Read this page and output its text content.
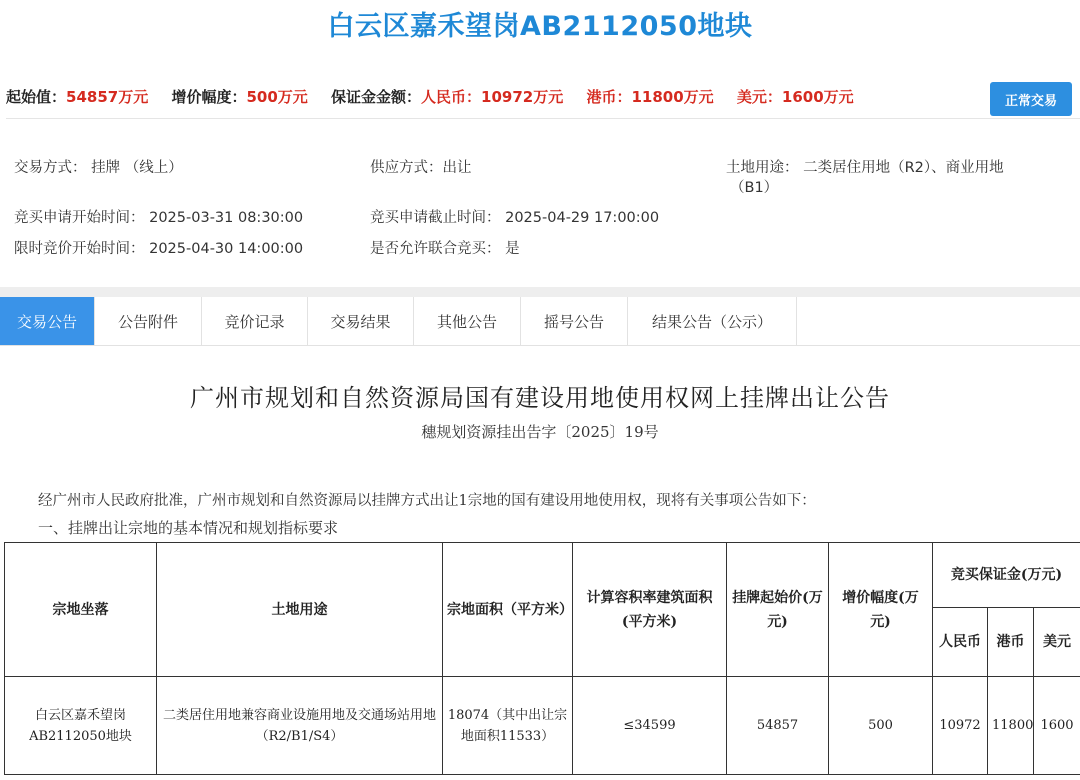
白云区嘉禾望岗AB2112050地块
起始值：54857万元 增价幅度：500万元 保证金金额：人民币：10972万元 港币：11800万元 美元：1600万元	正常交易
交易方式： 挂牌 （线上）	供应方式：出让	土地用途： 二类居住用地（R2）、商业用地
（B1）
竞买申请开始时间： 2025-03-31 08:30:00	竞买申请截止时间： 2025-04-29 17:00:00
限时竞价开始时间： 2025-04-30 14:00:00	是否允许联合竞买： 是
交易公告	公告附件	竞价记录	交易结果	其他公告	摇号公告	结果公告（公示）
广州市规划和自然资源局国有建设用地使用权网上挂牌出让公告
穗规划资源挂出告字〔2025〕19号
经广州市人民政府批准，广州市规划和自然资源局以挂牌方式出让1宗地的国有建设用地使用权，现将有关事项公告如下：
一、挂牌出让宗地的基本情况和规划指标要求
宗地坐落	土地用途	宗地面积（平方米）	计算容积率建筑面积(平方米)	挂牌起始价(万元)	增价幅度(万元)	竞买保证金(万元)		
						人民币	港币	美元
白云区嘉禾望岗AB2112050地块	二类居住用地兼容商业设施用地及交通场站用地（R2/B1/S4）	18074（其中出让宗地面积11533）	≤34599	54857	500	10972	11800	1600
